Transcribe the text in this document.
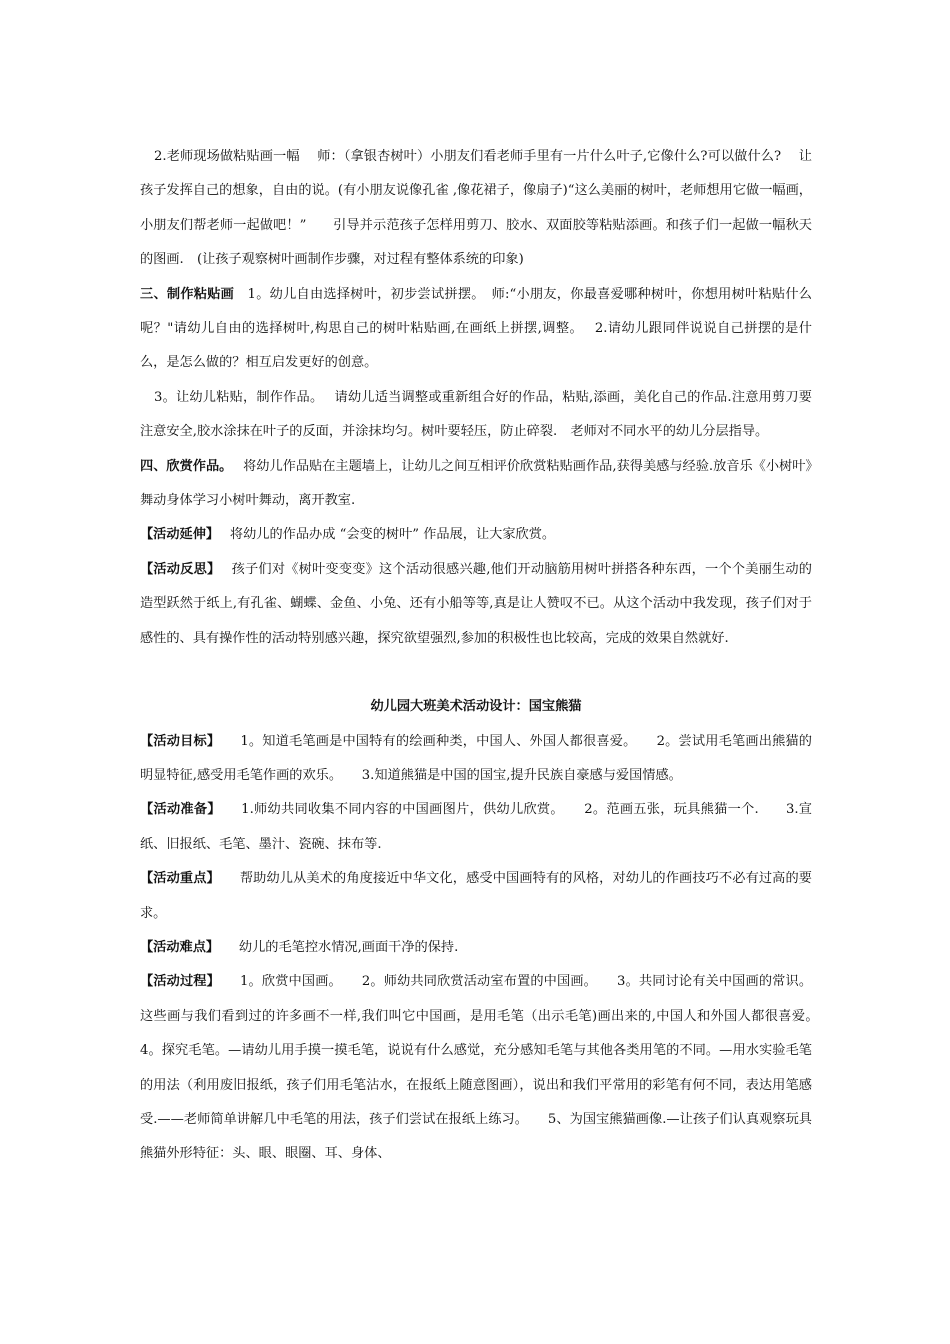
2.老师现场做粘贴画一幅　 师：（拿银杏树叶）小朋友们看老师手里有一片什么叶子,它像什么?可以做什么?　 让孩子发挥自己的想象，自由的说。(有小朋友说像孔雀 ,像花裙子，像扇子)“这么美丽的树叶，老师想用它做一幅画，小朋友们帮老师一起做吧！”　　引导并示范孩子怎样用剪刀、胶水、双面胶等粘贴添画。和孩子们一起做一幅秋天的图画.　(让孩子观察树叶画制作步骤，对过程有整体系统的印象)

三、制作粘贴画　1。幼儿自由选择树叶，初步尝试拼摆。　师:“小朋友，你最喜爱哪种树叶，你想用树叶粘贴什么呢？"请幼儿自由的选择树叶,构思自己的树叶粘贴画,在画纸上拼摆,调整。　 2.请幼儿跟同伴说说自己拼摆的是什么，是怎么做的？相互启发更好的创意。

3。让幼儿粘贴，制作作品。　 请幼儿适当调整或重新组合好的作品，粘贴,添画，美化自己的作品.注意用剪刀要注意安全,胶水涂抹在叶子的反面，并涂抹均匀。树叶要轻压，防止碎裂.　老师对不同水平的幼儿分层指导。

四、欣赏作品。　 将幼儿作品贴在主题墙上，让幼儿之间互相评价欣赏粘贴画作品,获得美感与经验.放音乐《小树叶》舞动身体学习小树叶舞动，离开教室.

【活动延伸】　 将幼儿的作品办成 “会变的树叶” 作品展，让大家欣赏。

【活动反思】　 孩子们对《树叶变变变》这个活动很感兴趣,他们开动脑筋用树叶拼搭各种东西，一个个美丽生动的造型跃然于纸上,有孔雀、蝴蝶、金鱼、小兔、还有小船等等,真是让人赞叹不已。从这个活动中我发现，孩子们对于感性的、具有操作性的活动特别感兴趣，探究欲望强烈,参加的积极性也比较高，完成的效果自然就好.

幼儿园大班美术活动设计：国宝熊猫

【活动目标】　　1。知道毛笔画是中国特有的绘画种类，中国人、外国人都很喜爱。　　2。尝试用毛笔画出熊猫的明显特征,感受用毛笔作画的欢乐。　　3.知道熊猫是中国的国宝,提升民族自豪感与爱国情感。

【活动准备】　　1.师幼共同收集不同内容的中国画图片，供幼儿欣赏。　　2。范画五张，玩具熊猫一个.　　3.宣纸、旧报纸、毛笔、墨汁、瓷碗、抹布等.

【活动重点】　　帮助幼儿从美术的角度接近中华文化，感受中国画特有的风格，对幼儿的作画技巧不必有过高的要求。

【活动难点】　　幼儿的毛笔控水情况,画面干净的保持.

【活动过程】　　1。欣赏中国画。　　2。师幼共同欣赏活动室布置的中国画。　　3。共同讨论有关中国画的常识。这些画与我们看到过的许多画不一样,我们叫它中国画，是用毛笔（出示毛笔)画出来的,中国人和外国人都很喜爱。　　4。探究毛笔。—请幼儿用手摸一摸毛笔，说说有什么感觉，充分感知毛笔与其他各类用笔的不同。—用水实验毛笔的用法（利用废旧报纸，孩子们用毛笔沾水，在报纸上随意图画），说出和我们平常用的彩笔有何不同，表达用笔感受.——老师简单讲解几中毛笔的用法，孩子们尝试在报纸上练习。　　5、为国宝熊猫画像.—让孩子们认真观察玩具熊猫外形特征：头、眼、眼圈、耳、身体、
